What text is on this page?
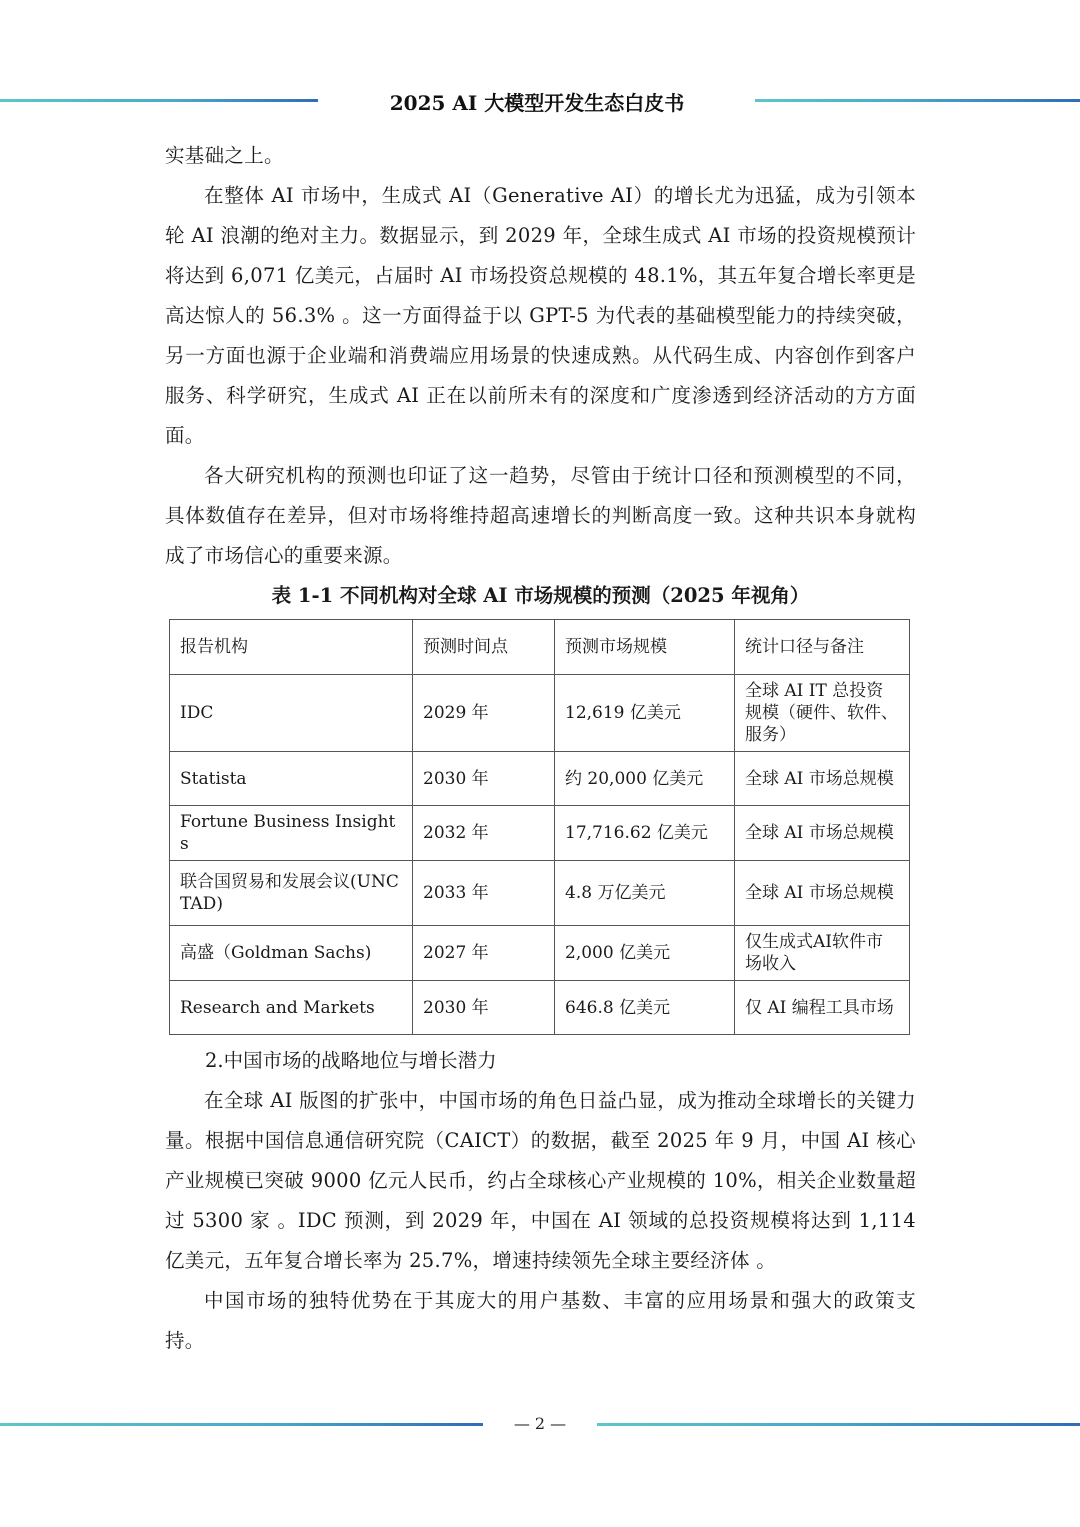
2025 AI 大模型开发生态白皮书

实基础之上。

在整体 AI 市场中，生成式 AI（Generative AI）的增长尤为迅猛，成为引领本轮 AI 浪潮的绝对主力。数据显示，到 2029 年，全球生成式 AI 市场的投资规模预计将达到 6,071 亿美元，占届时 AI 市场投资总规模的 48.1%，其五年复合增长率更是高达惊人的 56.3% 。这一方面得益于以 GPT-5 为代表的基础模型能力的持续突破，另一方面也源于企业端和消费端应用场景的快速成熟。从代码生成、内容创作到客户服务、科学研究，生成式 AI 正在以前所未有的深度和广度渗透到经济活动的方方面面。

各大研究机构的预测也印证了这一趋势，尽管由于统计口径和预测模型的不同，具体数值存在差异，但对市场将维持超高速增长的判断高度一致。这种共识本身就构成了市场信心的重要来源。

表 1-1 不同机构对全球 AI 市场规模的预测（2025 年视角）
报告机构	预测时间点	预测市场规模	统计口径与备注
IDC	2029 年	12,619 亿美元	全球 AI IT 总投资规模（硬件、软件、服务）
Statista	2030 年	约 20,000 亿美元	全球 AI 市场总规模
Fortune Business Insights	2032 年	17,716.62 亿美元	全球 AI 市场总规模
联合国贸易和发展会议(UNCTAD)	2033 年	4.8 万亿美元	全球 AI 市场总规模
高盛（Goldman Sachs)	2027 年	2,000 亿美元	仅生成式AI软件市场收入
Research and Markets	2030 年	646.8 亿美元	仅 AI 编程工具市场

2.中国市场的战略地位与增长潜力

在全球 AI 版图的扩张中，中国市场的角色日益凸显，成为推动全球增长的关键力量。根据中国信息通信研究院（CAICT）的数据，截至 2025 年 9 月，中国 AI 核心产业规模已突破 9000 亿元人民币，约占全球核心产业规模的 10%，相关企业数量超过 5300 家 。IDC 预测，到 2029 年，中国在 AI 领域的总投资规模将达到 1,114 亿美元，五年复合增长率为 25.7%，增速持续领先全球主要经济体 。

中国市场的独特优势在于其庞大的用户基数、丰富的应用场景和强大的政策支持。

— 2 —
